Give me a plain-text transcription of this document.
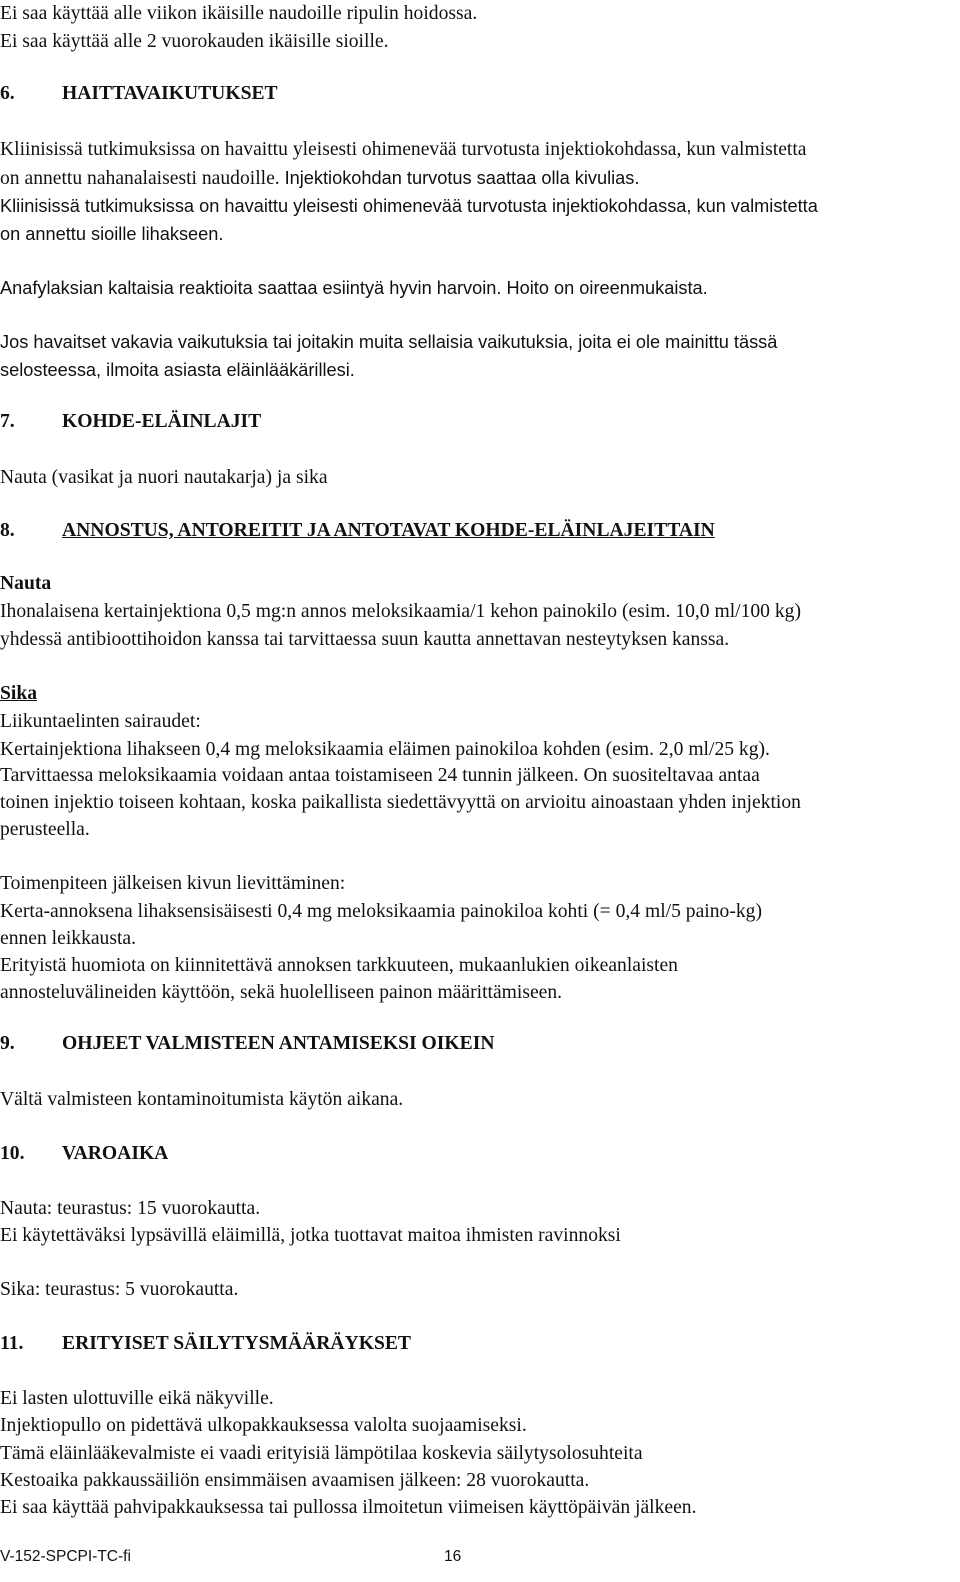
Ei saa käyttää alle viikon ikäisille naudoille ripulin hoidossa.
Ei saa käyttää alle 2 vuorokauden ikäisille sioille.
6. HAITTAVAIKUTUKSET
Kliinisissä tutkimuksissa on havaittu yleisesti ohimenevää turvotusta injektiokohdassa, kun valmistetta
on annettu nahanalaisesti naudoille. Injektiokohdan turvotus saattaa olla kivulias.
Kliinisissä tutkimuksissa on havaittu yleisesti ohimenevää turvotusta injektiokohdassa, kun valmistetta
on annettu sioille lihakseen.
Anafylaksian kaltaisia reaktioita saattaa esiintyä hyvin harvoin. Hoito on oireenmukaista.
Jos havaitset vakavia vaikutuksia tai joitakin muita sellaisia vaikutuksia, joita ei ole mainittu tässä
selosteessa, ilmoita asiasta eläinlääkärillesi.
7. KOHDE-ELÄINLAJIT
Nauta (vasikat ja nuori nautakarja) ja sika
8. ANNOSTUS, ANTOREITIT JA ANTOTAVAT KOHDE-ELÄINLAJEITTAIN
Nauta
Ihonalaisena kertainjektiona 0,5 mg:n annos meloksikaamia/1 kehon painokilo (esim. 10,0 ml/100 kg)
yhdessä antibioottihoidon kanssa tai tarvittaessa suun kautta annettavan nesteytyksen kanssa.
Sika
Liikuntaelinten sairaudet:
Kertainjektiona lihakseen 0,4 mg meloksikaamia eläimen painokiloa kohden (esim. 2,0 ml/25 kg).
Tarvittaessa meloksikaamia voidaan antaa toistamiseen 24 tunnin jälkeen. On suositeltavaa antaa
toinen injektio toiseen kohtaan, koska paikallista siedettävyyttä on arvioitu ainoastaan yhden injektion
perusteella.
Toimenpiteen jälkeisen kivun lievittäminen:
Kerta-annoksena lihaksensisäisesti 0,4 mg meloksikaamia painokiloa kohti (= 0,4 ml/5 paino-kg)
ennen leikkausta.
Erityistä huomiota on kiinnitettävä annoksen tarkkuuteen, mukaanlukien oikeanlaisten
annosteluvälineiden käyttöön, sekä huolelliseen painon määrittämiseen.
9. OHJEET VALMISTEEN ANTAMISEKSI OIKEIN
Vältä valmisteen kontaminoitumista käytön aikana.
10. VAROAIKA
Nauta: teurastus: 15 vuorokautta.
Ei käytettäväksi lypsävillä eläimillä, jotka tuottavat maitoa ihmisten ravinnoksi
Sika: teurastus: 5 vuorokautta.
11. ERITYISET SÄILYTYSMÄÄRÄYKSET
Ei lasten ulottuville eikä näkyville.
Injektiopullo on pidettävä ulkopakkauksessa valolta suojaamiseksi.
Tämä eläinlääkevalmiste ei vaadi erityisiä lämpötilaa koskevia säilytysolosuhteita
Kestoaika pakkaussäiliön ensimmäisen avaamisen jälkeen: 28 vuorokautta.
Ei saa käyttää pahvipakkauksessa tai pullossa ilmoitetun viimeisen käyttöpäivän jälkeen.
V-152-SPCPI-TC-fi	16
